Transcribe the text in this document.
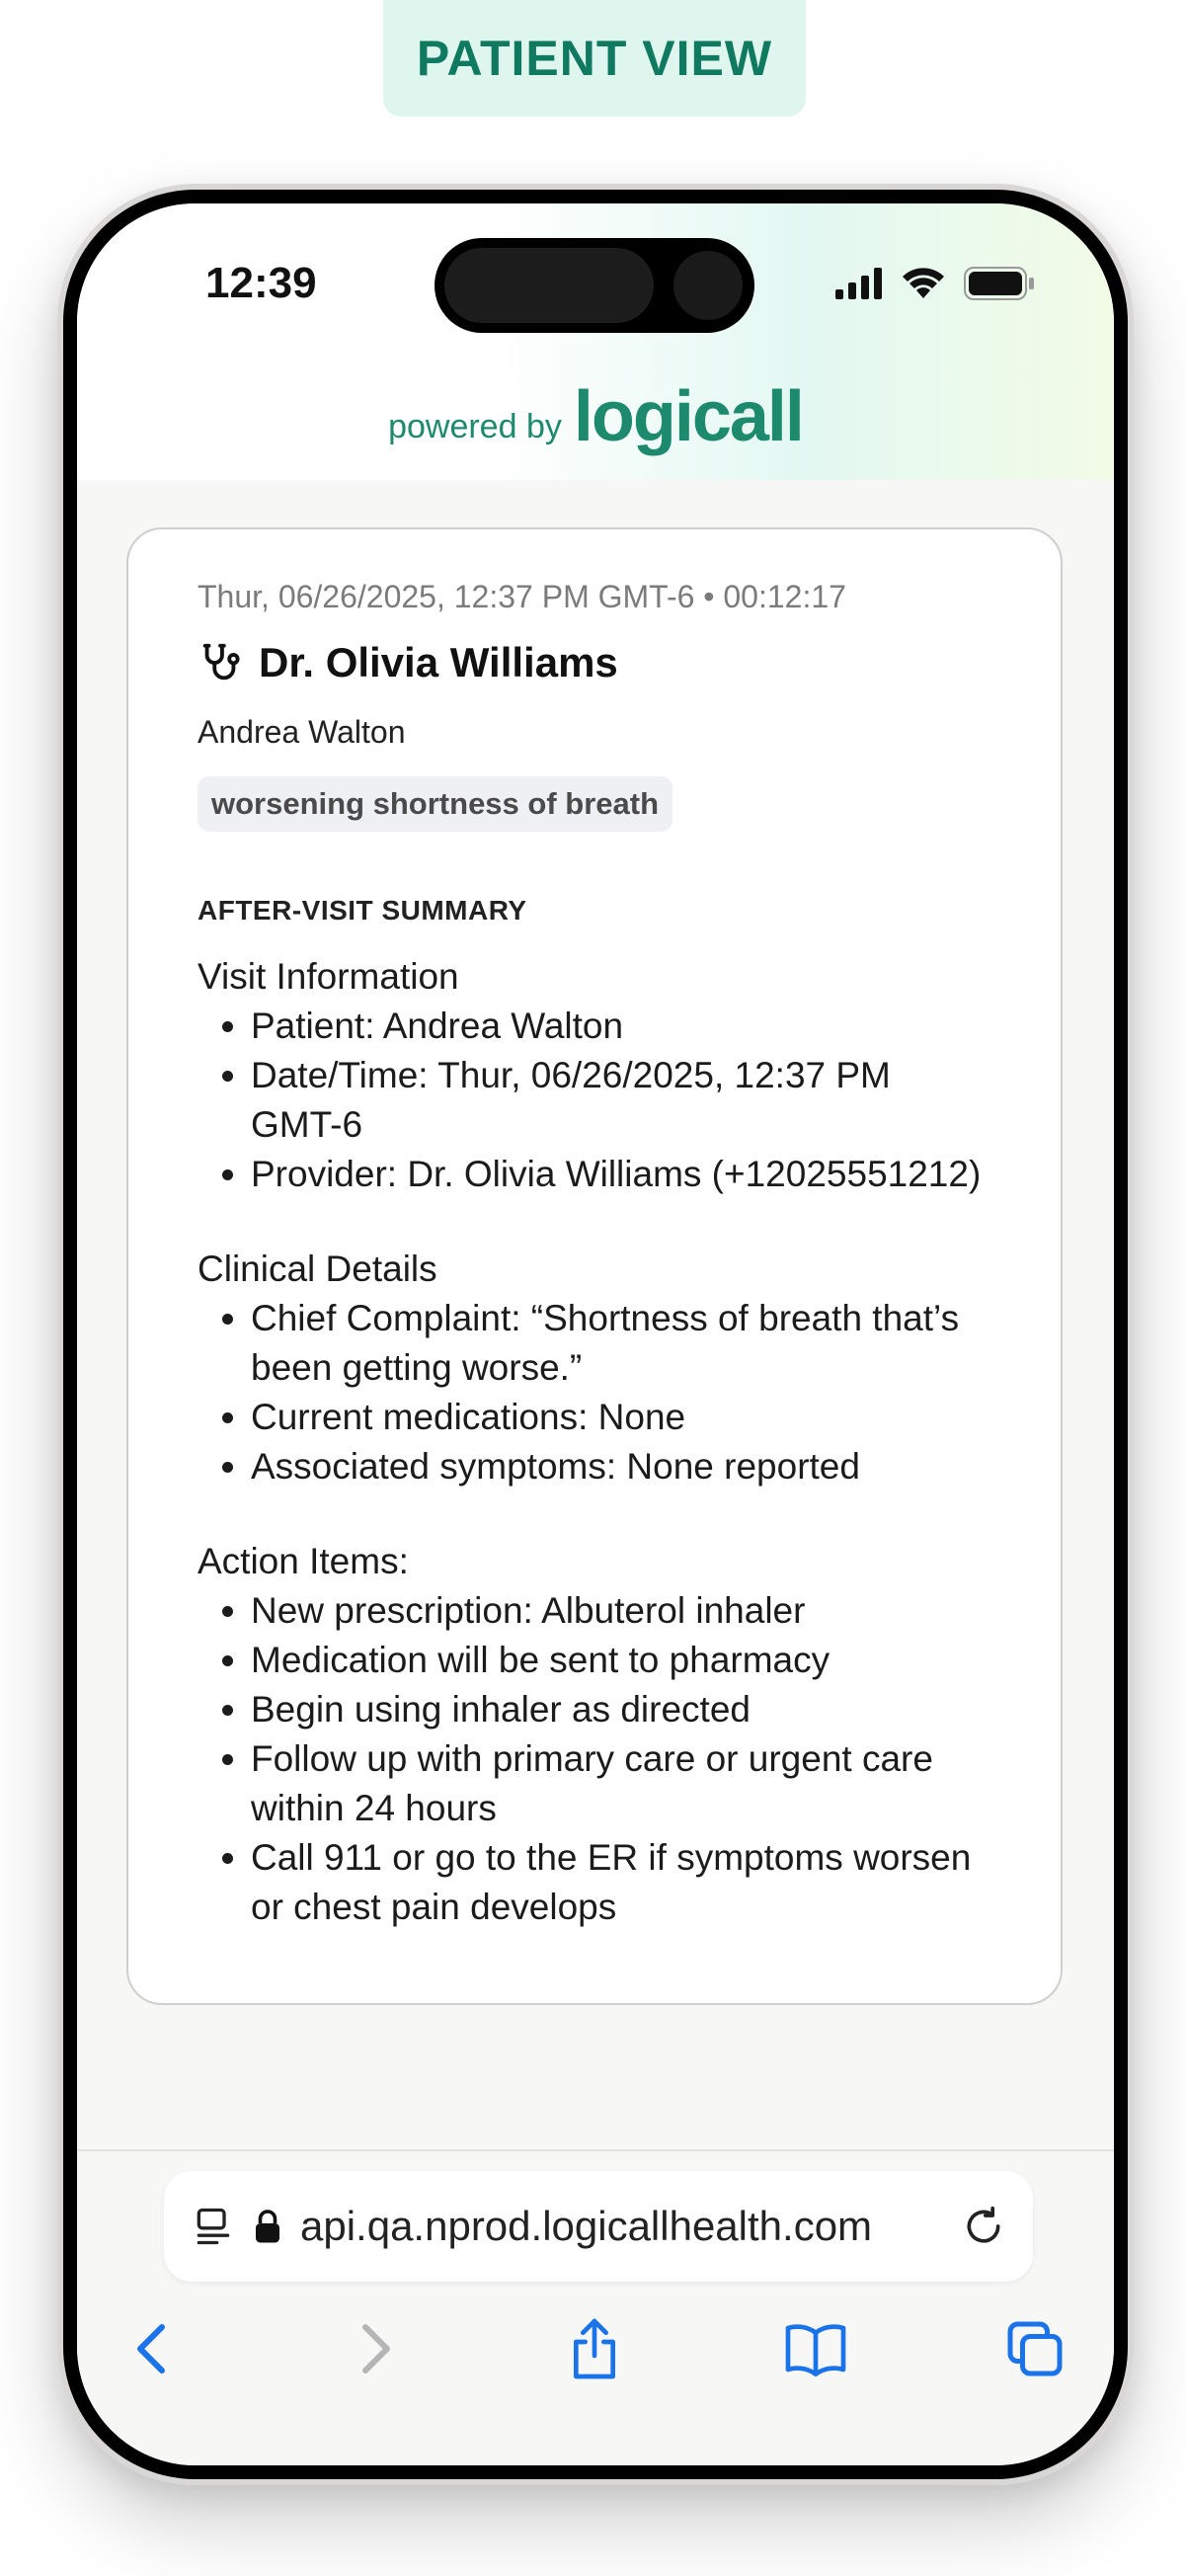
PATIENT VIEW
12:39
powered by logicall
Thur, 06/26/2025, 12:37 PM GMT-6 • 00:12:17
Dr. Olivia Williams
Andrea Walton
worsening shortness of breath
AFTER-VISIT SUMMARY
Visit Information
• Patient: Andrea Walton
• Date/Time: Thur, 06/26/2025, 12:37 PM GMT-6
• Provider: Dr. Olivia Williams (+12025551212)
Clinical Details
• Chief Complaint: “Shortness of breath that’s been getting worse.”
• Current medications: None
• Associated symptoms: None reported
Action Items:
• New prescription: Albuterol inhaler
• Medication will be sent to pharmacy
• Begin using inhaler as directed
• Follow up with primary care or urgent care within 24 hours
• Call 911 or go to the ER if symptoms worsen or chest pain develops
api.qa.nprod.logicallhealth.com
